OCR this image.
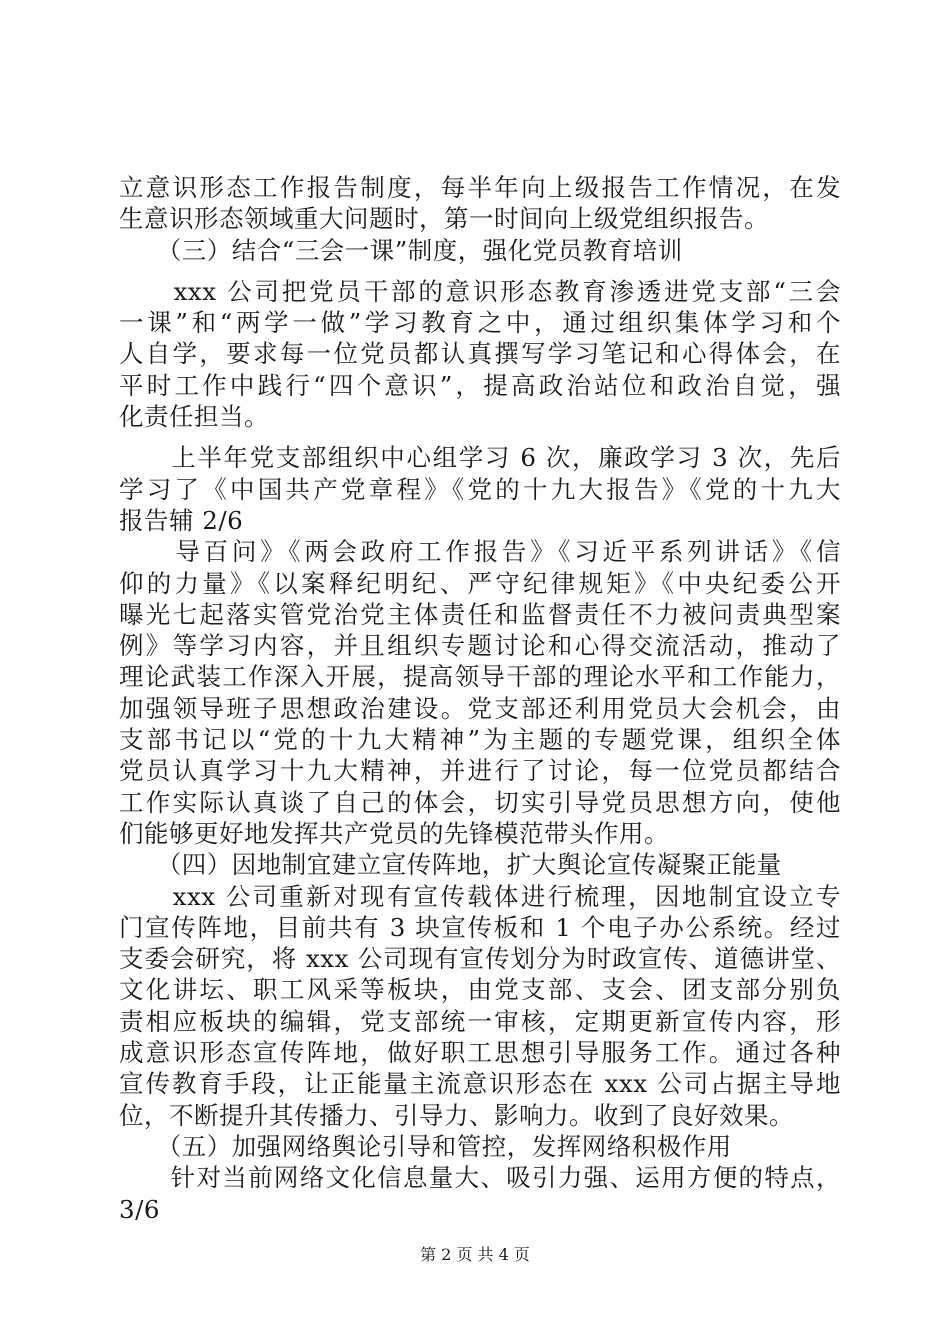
立意识形态工作报告制度，每半年向上级报告工作情况，在发
生意识形态领域重大问题时，第一时间向上级党组织报告。
　　（三）结合“三会一课”制度，强化党员教育培训
　　xxx 公司把党员干部的意识形态教育渗透进党支部“三会
一课”和“两学一做”学习教育之中，通过组织集体学习和个
人自学，要求每一位党员都认真撰写学习笔记和心得体会，在
平时工作中践行“四个意识”，提高政治站位和政治自觉，强
化责任担当。
　　上半年党支部组织中心组学习 6 次，廉政学习 3 次，先后
学习了《中国共产党章程》《党的十九大报告》《党的十九大
报告辅 2/6
　　导百问》《两会政府工作报告》《习近平系列讲话》《信
仰的力量》《以案释纪明纪、严守纪律规矩》《中央纪委公开
曝光七起落实管党治党主体责任和监督责任不力被问责典型案
例》等学习内容，并且组织专题讨论和心得交流活动，推动了
理论武装工作深入开展，提高领导干部的理论水平和工作能力，
加强领导班子思想政治建设。党支部还利用党员大会机会，由
支部书记以“党的十九大精神”为主题的专题党课，组织全体
党员认真学习十九大精神，并进行了讨论，每一位党员都结合
工作实际认真谈了自己的体会，切实引导党员思想方向，使他
们能够更好地发挥共产党员的先锋模范带头作用。
　　（四）因地制宜建立宣传阵地，扩大舆论宣传凝聚正能量
　　xxx 公司重新对现有宣传载体进行梳理，因地制宜设立专
门宣传阵地，目前共有 3 块宣传板和 1 个电子办公系统。经过
支委会研究，将 xxx 公司现有宣传划分为时政宣传、道德讲堂、
文化讲坛、职工风采等板块，由党支部、支会、团支部分别负
责相应板块的编辑，党支部统一审核，定期更新宣传内容，形
成意识形态宣传阵地，做好职工思想引导服务工作。通过各种
宣传教育手段，让正能量主流意识形态在 xxx 公司占据主导地
位，不断提升其传播力、引导力、影响力。收到了良好效果。
　　（五）加强网络舆论引导和管控，发挥网络积极作用
　　针对当前网络文化信息量大、吸引力强、运用方便的特点，
3/6
第 2 页 共 4 页
